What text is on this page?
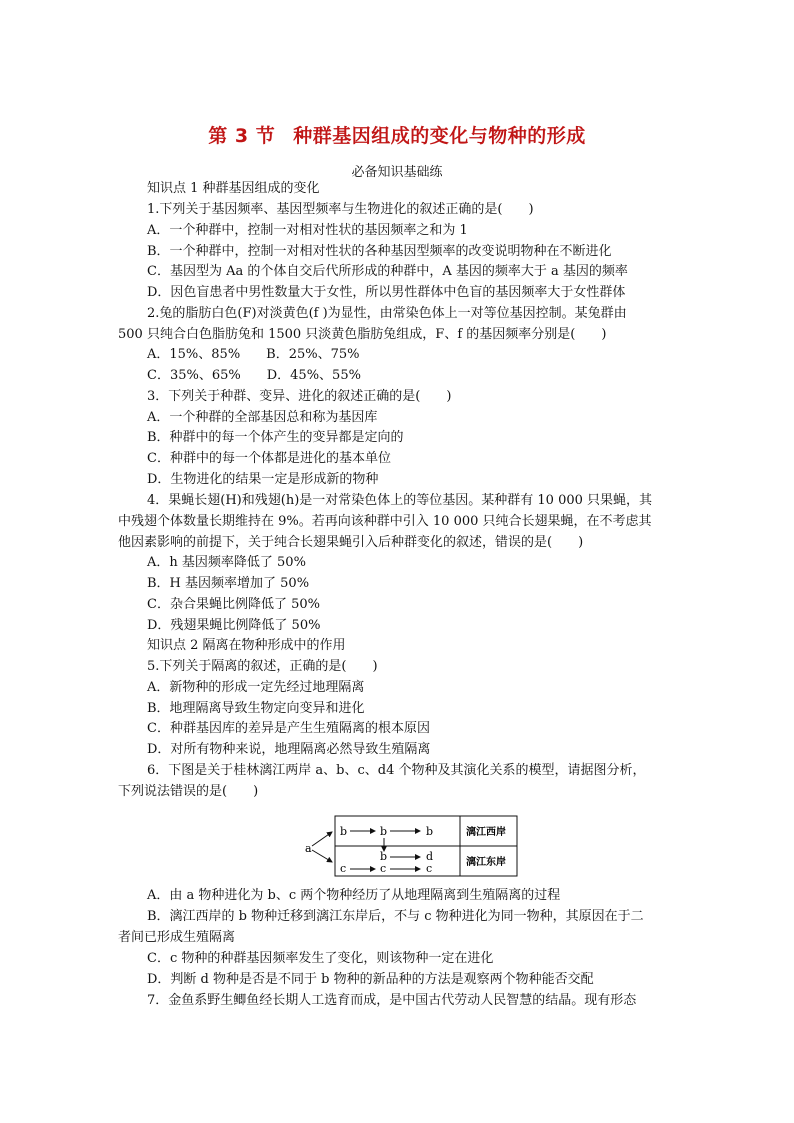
第 3 节 种群基因组成的变化与物种的形成
必备知识基础练
知识点 1 种群基因组成的变化
1.下列关于基因频率、基因型频率与生物进化的叙述正确的是(　　)
A．一个种群中，控制一对相对性状的基因频率之和为 1
B．一个种群中，控制一对相对性状的各种基因型频率的改变说明物种在不断进化
C．基因型为 Aa 的个体自交后代所形成的种群中，A 基因的频率大于 a 基因的频率
D．因色盲患者中男性数量大于女性，所以男性群体中色盲的基因频率大于女性群体
2.兔的脂肪白色(F)对淡黄色(f )为显性，由常染色体上一对等位基因控制。某兔群由
500 只纯合白色脂肪兔和 1500 只淡黄色脂肪兔组成，F、f 的基因频率分别是(　　)
A．15%、85%　　B．25%、75%
C．35%、65%　　D．45%、55%
3．下列关于种群、变异、进化的叙述正确的是(　　)
A．一个种群的全部基因总和称为基因库
B．种群中的每一个体产生的变异都是定向的
C．种群中的每一个体都是进化的基本单位
D．生物进化的结果一定是形成新的物种
4．果蝇长翅(H)和残翅(h)是一对常染色体上的等位基因。某种群有 10 000 只果蝇，其
中残翅个体数量长期维持在 9%。若再向该种群中引入 10 000 只纯合长翅果蝇，在不考虑其
他因素影响的前提下，关于纯合长翅果蝇引入后种群变化的叙述，错误的是(　　)
A．h 基因频率降低了 50%
B．H 基因频率增加了 50%
C．杂合果蝇比例降低了 50%
D．残翅果蝇比例降低了 50%
知识点 2 隔离在物种形成中的作用
5.下列关于隔离的叙述，正确的是(　　)
A．新物种的形成一定先经过地理隔离
B．地理隔离导致生物定向变异和进化
C．种群基因库的差异是产生生殖隔离的根本原因
D．对所有物种来说，地理隔离必然导致生殖隔离
6．下图是关于桂林漓江两岸 a、b、c、d4 个物种及其演化关系的模型，请据图分析，
下列说法错误的是(　　)
a
b	b	b
b	d
c	c	c
漓江西岸
漓江东岸
A．由 a 物种进化为 b、c 两个物种经历了从地理隔离到生殖隔离的过程
B．漓江西岸的 b 物种迁移到漓江东岸后，不与 c 物种进化为同一物种，其原因在于二
者间已形成生殖隔离
C．c 物种的种群基因频率发生了变化，则该物种一定在进化
D．判断 d 物种是否是不同于 b 物种的新品种的方法是观察两个物种能否交配
7．金鱼系野生鲫鱼经长期人工选育而成，是中国古代劳动人民智慧的结晶。现有形态
